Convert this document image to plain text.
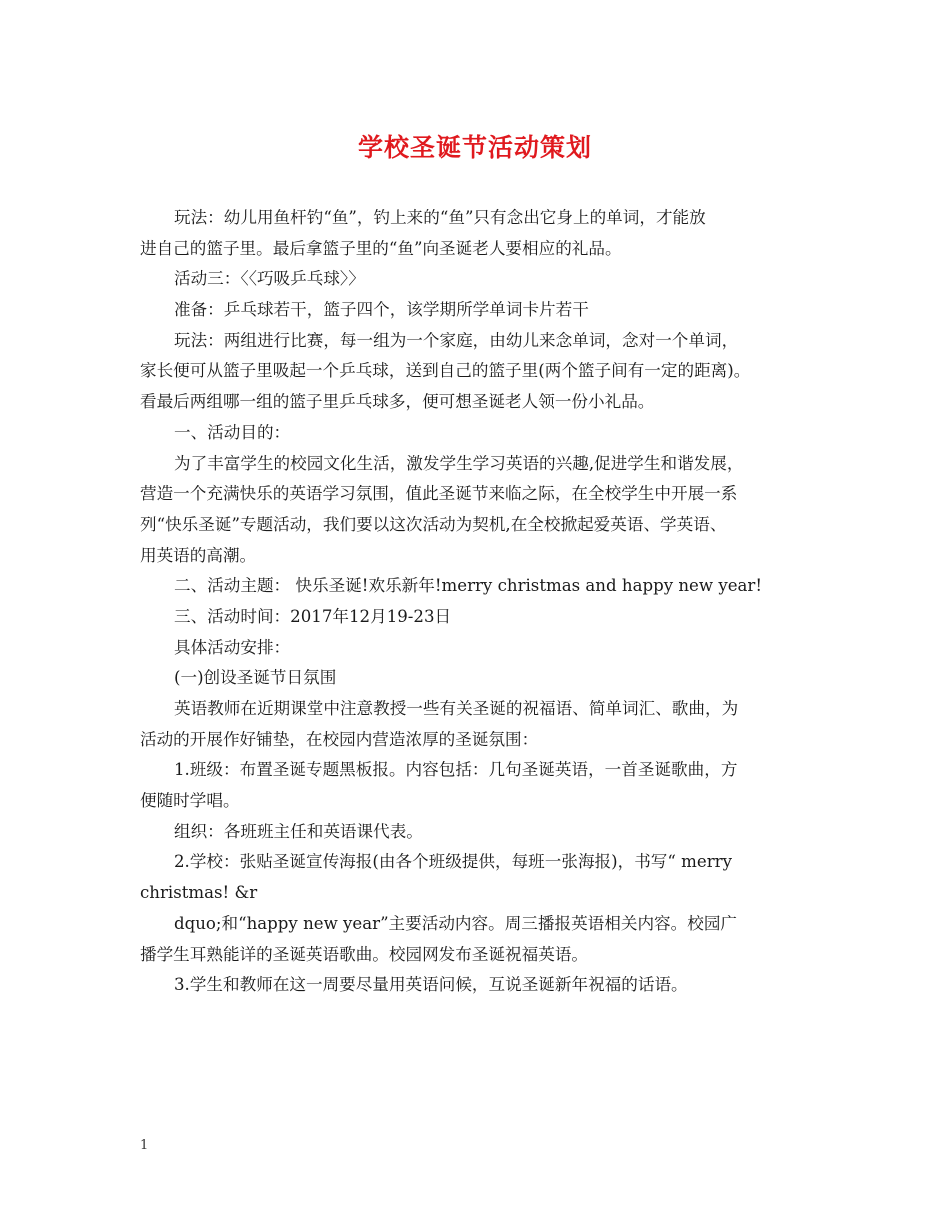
学校圣诞节活动策划
玩法：幼儿用鱼杆钓“鱼”，钓上来的“鱼”只有念出它身上的单词，才能放
进自己的篮子里。最后拿篮子里的“鱼”向圣诞老人要相应的礼品。
活动三：〈〈巧吸乒乓球〉〉
准备：乒乓球若干，篮子四个，该学期所学单词卡片若干
玩法：两组进行比赛，每一组为一个家庭，由幼儿来念单词，念对一个单词，
家长便可从篮子里吸起一个乒乓球，送到自己的篮子里(两个篮子间有一定的距离)。
看最后两组哪一组的篮子里乒乓球多，便可想圣诞老人领一份小礼品。
一、活动目的：
为了丰富学生的校园文化生活，激发学生学习英语的兴趣,促进学生和谐发展，
营造一个充满快乐的英语学习氛围，值此圣诞节来临之际，在全校学生中开展一系
列“快乐圣诞”专题活动，我们要以这次活动为契机,在全校掀起爱英语、学英语、
用英语的高潮。
二、活动主题： 快乐圣诞!欢乐新年!merry christmas and happy new year!
三、活动时间：2017年12月19-23日
具体活动安排：
(一)创设圣诞节日氛围
英语教师在近期课堂中注意教授一些有关圣诞的祝福语、简单词汇、歌曲，为
活动的开展作好铺垫，在校园内营造浓厚的圣诞氛围：
1.班级：布置圣诞专题黑板报。内容包括：几句圣诞英语，一首圣诞歌曲，方
便随时学唱。
组织：各班班主任和英语课代表。
2.学校：张贴圣诞宣传海报(由各个班级提供，每班一张海报)，书写“ merry
christmas! &r
dquo;和“happy new year”主要活动内容。周三播报英语相关内容。校园广
播学生耳熟能详的圣诞英语歌曲。校园网发布圣诞祝福英语。
3.学生和教师在这一周要尽量用英语问候，互说圣诞新年祝福的话语。
1
